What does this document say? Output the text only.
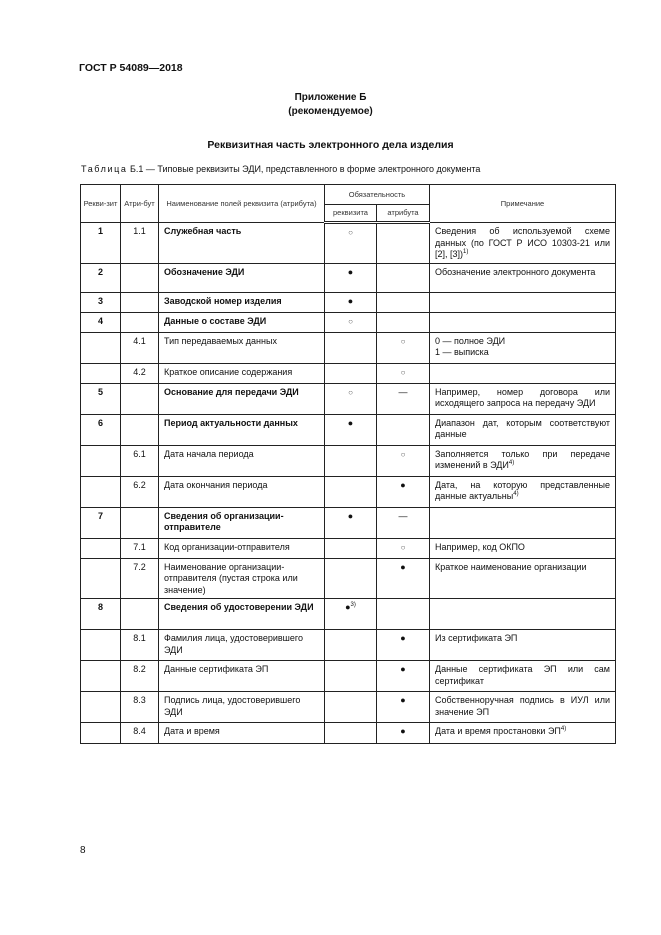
ГОСТ Р 54089—2018
Приложение Б
(рекомендуемое)
Реквизитная часть электронного дела изделия
Таблица Б.1 — Типовые реквизиты ЭДИ, представленного в форме электронного документа
Рекви-зит	Атри-бут	Наименование полей реквизита (атрибута)	Обязательность		Примечание
			реквизита	атрибута	
1	1.1	Служебная часть	○		Сведения об используемой схеме данных (по ГОСТ Р ИСО 10303-21 или [2], [3])$^{1)}$
2		Обозначение ЭДИ	●		Обозначение электронного документа
3		Заводской номер изделия	●		
4		Данные о составе ЭДИ	○		
	4.1	Тип передаваемых данных		○	0 — полное ЭДИ
1 — выписка
	4.2	Краткое описание содержания		○	
5		Основание для передачи ЭДИ	○	—	Например, номер договора или исходящего запроса на передачу ЭДИ
6		Период актуальности данных	●		Диапазон дат, которым соответствуют данные
	6.1	Дата начала периода		○	Заполняется только при передаче изменений в ЭДИ$^{4)}$
	6.2	Дата окончания периода		●	Дата, на которую представленные данные актуальны$^{4)}$
7		Сведения об организации-отправителе	●	—	
	7.1	Код организации-отправителя		○	Например, код ОКПО
	7.2	Наименование организации-отправителя (пустая строка или значение)		●	Краткое наименование организации
8		Сведения об удостоверении ЭДИ	●$^{3)}$		
	8.1	Фамилия лица, удостоверившего ЭДИ		●	Из сертификата ЭП
	8.2	Данные сертификата ЭП		●	Данные сертификата ЭП или сам сертификат
	8.3	Подпись лица, удостоверившего ЭДИ		●	Собственноручная подпись в ИУЛ или значение ЭП
	8.4	Дата и время		●	Дата и время простановки ЭП$^{4)}$
8
